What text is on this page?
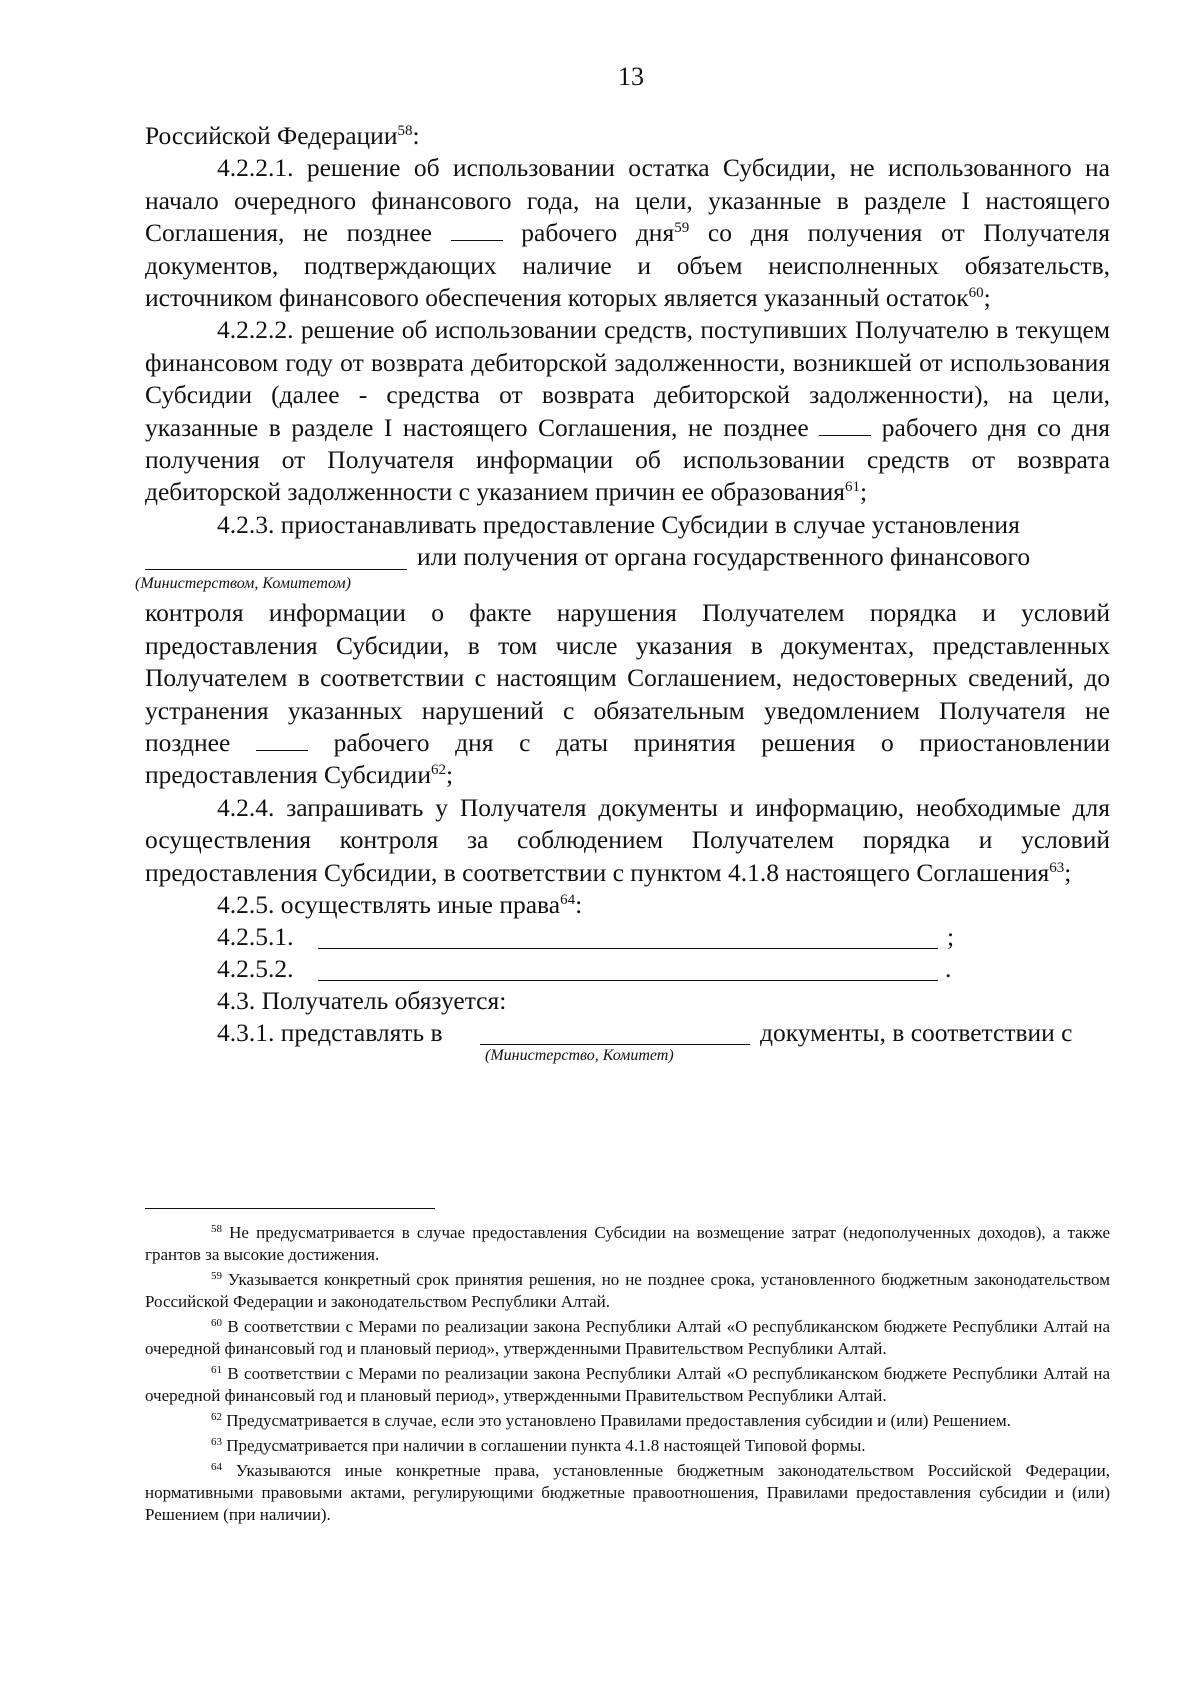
13

Российской Федерации$^{58}$:

4.2.2.1. решение об использовании остатка Субсидии, не использованного на начало очередного финансового года, на цели, указанные в разделе I настоящего Соглашения, не позднее  рабочего дня$^{59}$ со дня получения от Получателя документов, подтверждающих наличие и объем неисполненных обязательств, источником финансового обеспечения которых является указанный остаток$^{60}$;

4.2.2.2. решение об использовании средств, поступивших Получателю в текущем финансовом году от возврата дебиторской задолженности, возникшей от использования Субсидии (далее - средства от возврата дебиторской задолженности), на цели, указанные в разделе I настоящего Соглашения, не позднее  рабочего дня со дня получения от Получателя информации об использовании средств от возврата дебиторской задолженности с указанием причин ее образования$^{61}$;

4.2.3. приостанавливать предоставление Субсидии в случае установления

или получения от органа государственного финансового
(Министерством, Комитетом)

контроля информации о факте нарушения Получателем порядка и условий предоставления Субсидии, в том числе указания в документах, представленных Получателем в соответствии с настоящим Соглашением, недостоверных сведений, до устранения указанных нарушений с обязательным уведомлением Получателя не позднее  рабочего дня с даты принятия решения о приостановлении предоставления Субсидии$^{62}$;

4.2.4. запрашивать у Получателя документы и информацию, необходимые для осуществления контроля за соблюдением Получателем порядка и условий предоставления Субсидии, в соответствии с пунктом 4.1.8 настоящего Соглашения$^{63}$;

4.2.5. осуществлять иные права$^{64}$:

4.2.5.1.	;
4.2.5.2.	.
4.3. Получатель обязуется:
4.3.1. представлять в	документы, в соответствии с
(Министерство, Комитет)

$^{58}$ Не предусматривается в случае предоставления Субсидии на возмещение затрат (недополученных доходов), а также грантов за высокие достижения.

$^{59}$ Указывается конкретный срок принятия решения, но не позднее срока, установленного бюджетным законодательством Российской Федерации и законодательством Республики Алтай.

$^{60}$ В соответствии с Мерами по реализации закона Республики Алтай «О республиканском бюджете Республики Алтай на очередной финансовый год и плановый период», утвержденными Правительством Республики Алтай.

$^{61}$ В соответствии с Мерами по реализации закона Республики Алтай «О республиканском бюджете Республики Алтай на очередной финансовый год и плановый период», утвержденными Правительством Республики Алтай.

$^{62}$ Предусматривается в случае, если это установлено Правилами предоставления субсидии и (или) Решением.

$^{63}$ Предусматривается при наличии в соглашении пункта 4.1.8 настоящей Типовой формы.

$^{64}$ Указываются иные конкретные права, установленные бюджетным законодательством Российской Федерации, нормативными правовыми актами, регулирующими бюджетные правоотношения, Правилами предоставления субсидии и (или) Решением (при наличии).
